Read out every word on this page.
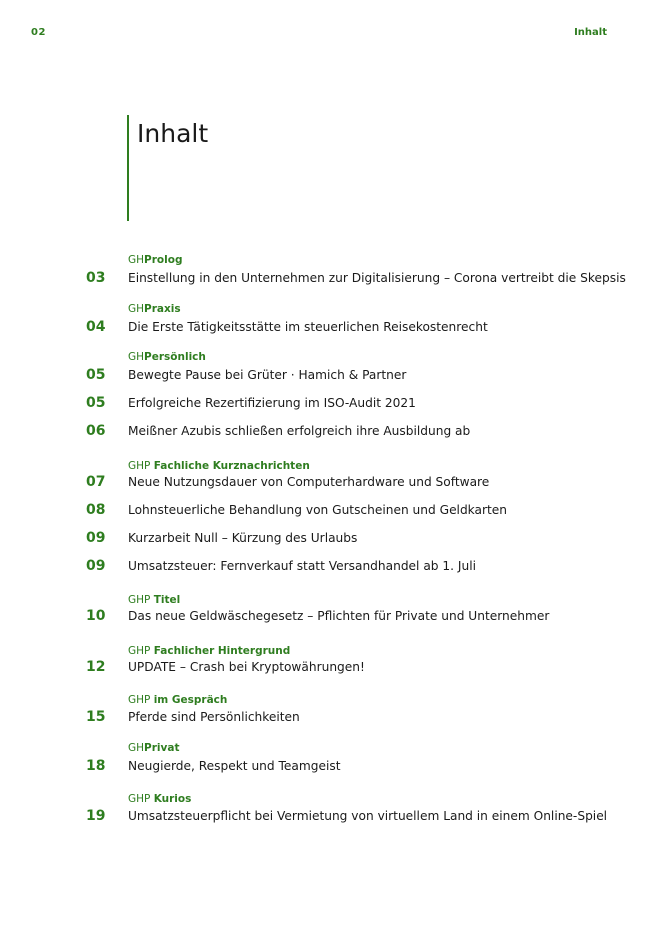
02	Inhalt
Inhalt
GHProlog
03 Einstellung in den Unternehmen zur Digitalisierung – Corona vertreibt die Skepsis
GHPraxis
04 Die Erste Tätigkeitsstätte im steuerlichen Reisekostenrecht
GHPersönlich
05 Bewegte Pause bei Grüter · Hamich & Partner
05 Erfolgreiche Rezertifizierung im ISO-Audit 2021
06 Meißner Azubis schließen erfolgreich ihre Ausbildung ab
GHP Fachliche Kurznachrichten
07 Neue Nutzungsdauer von Computerhardware und Software
08 Lohnsteuerliche Behandlung von Gutscheinen und Geldkarten
09 Kurzarbeit Null – Kürzung des Urlaubs
09 Umsatzsteuer: Fernverkauf statt Versandhandel ab 1. Juli
GHP Titel
10 Das neue Geldwäschegesetz – Pflichten für Private und Unternehmer
GHP Fachlicher Hintergrund
12 UPDATE – Crash bei Kryptowährungen!
GHP im Gespräch
15 Pferde sind Persönlichkeiten
GHPrivat
18 Neugierde, Respekt und Teamgeist
GHP Kurios
19 Umsatzsteuerpflicht bei Vermietung von virtuellem Land in einem Online-Spiel
